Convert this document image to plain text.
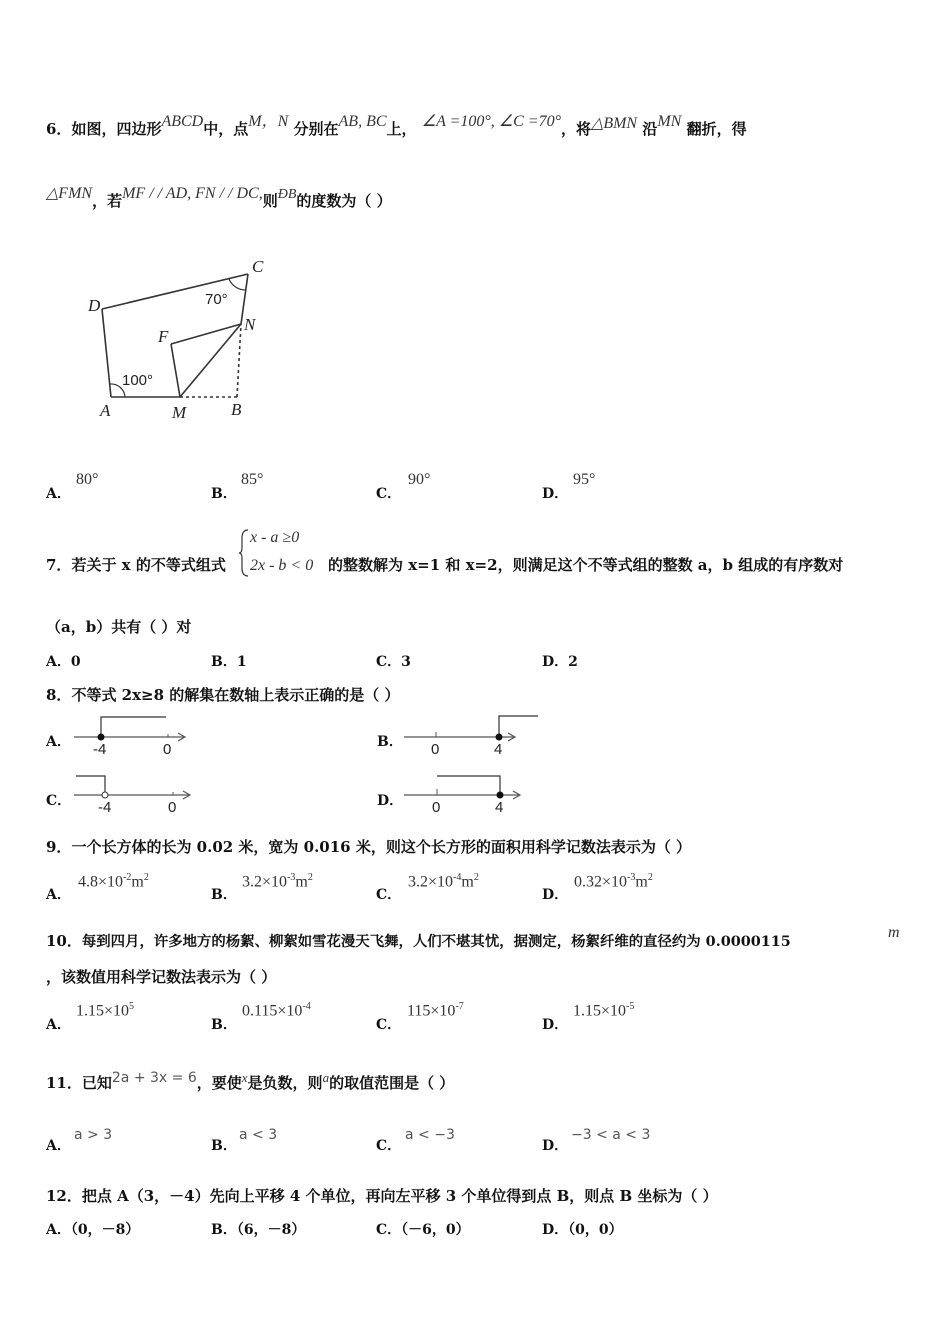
6．如图，四边形ABCD中，点M，N 分别在AB, BC上， ∠A =100°, ∠C =70°，将△BMN 沿MN 翻折，得
△FMN，若MF / / AD, FN / / DC,则ÐB的度数为（ ）
C
D
F
N
A	M	B
70°
100°
A．
80°
B．
85°
C．
90°
D．
95°
7．若关于 x 的不等式组式
x - a ≥0
2x - b < 0 的整数解为 x=1 和 x=2，则满足这个不等式组的整数 a，b 组成的有序数对
（a，b）共有（ ）对
A．0	B．1	C．3	D．2
8．不等式 2x≥8 的解集在数轴上表示正确的是（ ）
A． -4	0	B． 0	4
C． -4	0	D． 0	4
9．一个长方体的长为 0.02 米，宽为 0.016 米，则这个长方形的面积用科学记数法表示为（ ）
A．
$4.8\times 10^{-2}m^2$
B．
$3.2\times 10^{-3}m^2$
C．
$3.2\times 10^{-4}m^2$
D．
$0.32\times 10^{-3}m^2$
10．每到四月，许多地方的杨絮、柳絮如雪花漫天飞舞，人们不堪其忧，据测定，杨絮纤维的直径约为 0.0000115
m
，该数值用科学记数法表示为（ ）
A．
$1.15\times 10^5$
B．
$0.115\times 10^{-4}$
C．
$115\times 10^{-7}$
D．
$1.15\times 10^{-5}$
11．已知2a + 3x = 6，要使x是负数，则a的取值范围是（ ）
A．
a > 3
B．
a < 3
C．
a < −3
D．
−3 < a < 3
12．把点 A（3，－4）先向上平移 4 个单位，再向左平移 3 个单位得到点 B，则点 B 坐标为（ ）
A．（0，－8）	B．（6，－8）	C．（－6，0）	D．（0，0）
